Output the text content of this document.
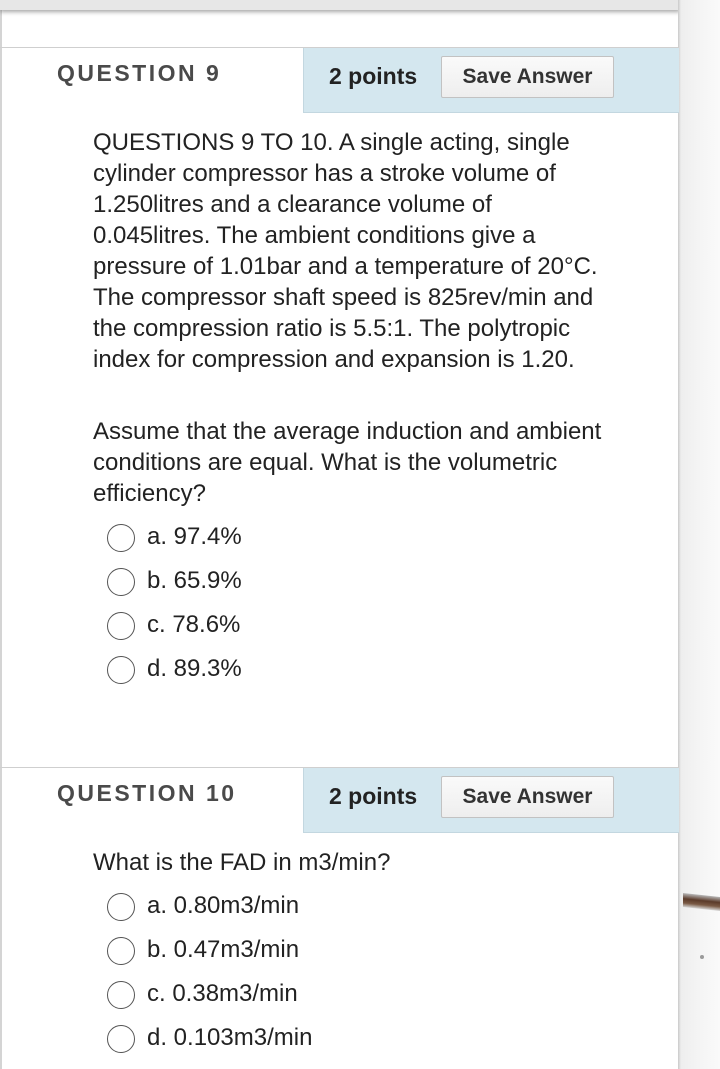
QUESTION 9	2 points	Save Answer
QUESTIONS 9 TO 10. A single acting, single cylinder compressor has a stroke volume of 1.250litres and a clearance volume of 0.045litres. The ambient conditions give a pressure of 1.01bar and a temperature of 20°C. The compressor shaft speed is 825rev/min and the compression ratio is 5.5:1. The polytropic index for compression and expansion is 1.20.
Assume that the average induction and ambient conditions are equal. What is the volumetric efficiency?
a. 97.4%
b. 65.9%
c. 78.6%
d. 89.3%
QUESTION 10	2 points	Save Answer
What is the FAD in m3/min?
a. 0.80m3/min
b. 0.47m3/min
c. 0.38m3/min
d. 0.103m3/min
